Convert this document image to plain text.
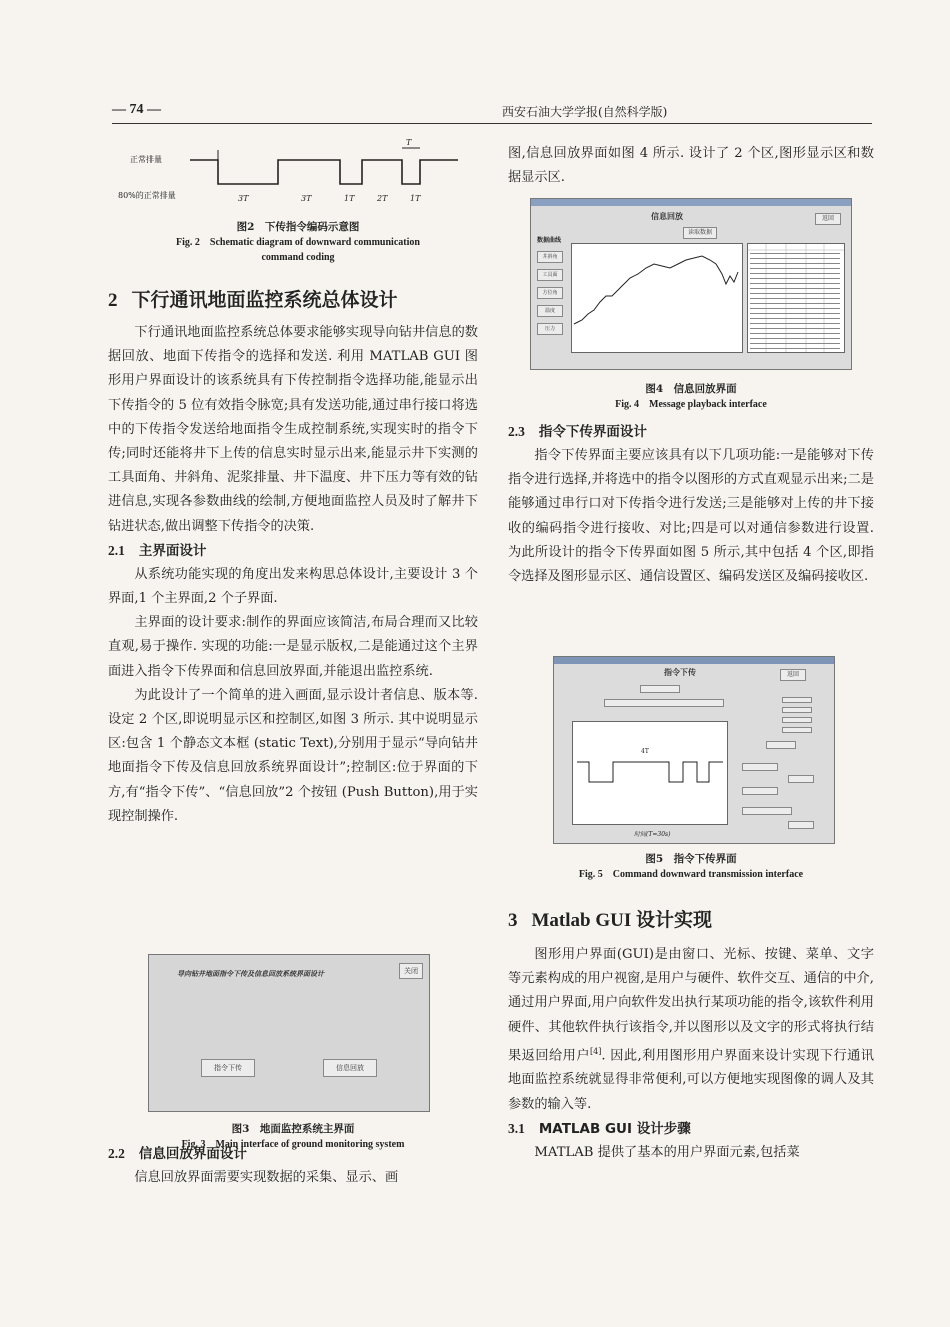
— 74 —	西安石油大学学报(自然科学版)
正常排量
80%的正常排量
T
3T	3T	1T	2T	1T
图2　下传指令编码示意图
Fig. 2　Schematic diagram of downward communication
command coding
2 下行通讯地面监控系统总体设计

下行通讯地面监控系统总体要求能够实现导向钻井信息的数据回放、地面下传指令的选择和发送. 利用 MATLAB GUI 图形用户界面设计的该系统具有下传控制指令选择功能,能显示出下传指令的 5 位有效指令脉宽;具有发送功能,通过串行接口将选中的下传指令发送给地面指令生成控制系统,实现实时的指令下传;同时还能将井下上传的信息实时显示出来,能显示井下实测的工具面角、井斜角、泥浆排量、井下温度、井下压力等有效的钻进信息,实现各参数曲线的绘制,方便地面监控人员及时了解井下钻进状态,做出调整下传指令的决策.

2.1 主界面设计

从系统功能实现的角度出发来构思总体设计,主要设计 3 个界面,1 个主界面,2 个子界面.

主界面的设计要求:制作的界面应该简洁,布局合理而又比较直观,易于操作. 实现的功能:一是显示版权,二是能通过这个主界面进入指令下传界面和信息回放界面,并能退出监控系统.

为此设计了一个简单的进入画面,显示设计者信息、版本等. 设定 2 个区,即说明显示区和控制区,如图 3 所示. 其中说明显示区:包含 1 个静态文本框 (static Text),分别用于显示“导向钻井地面指令下传及信息回放系统界面设计”;控制区:位于界面的下方,有“指令下传”、“信息回放”2 个按钮 (Push Button),用于实现控制操作.

导向钻井地面指令下传及信息回放系统界面设计	关闭
指令下传	信息回放
图3　地面监控系统主界面
Fig. 3　Main interface of ground monitoring system
2.2 信息回放界面设计

信息回放界面需要实现数据的采集、显示、画

图,信息回放界面如图 4 所示. 设计了 2 个区,图形显示区和数据显示区.
信息回放	返回
读取数据
数据曲线
井斜角
工具面
方位角
温度
压力
图4　信息回放界面
Fig. 4　Message playback interface
2.3 指令下传界面设计

指令下传界面主要应该具有以下几项功能:一是能够对下传指令进行选择,并将选中的指令以图形的方式直观显示出来;二是能够通过串行口对下传指令进行发送;三是能够对上传的井下接收的编码指令进行接收、对比;四是可以对通信参数进行设置. 为此所设计的指令下传界面如图 5 所示,其中包括 4 个区,即指令选择及图形显示区、通信设置区、编码发送区及编码接收区.

指令下传	返回
4T
时间(T=30s)
图5　指令下传界面
Fig. 5　Command downward transmission interface
3 Matlab GUI 设计实现

图形用户界面(GUI)是由窗口、光标、按键、菜单、文字等元素构成的用户视窗,是用户与硬件、软件交互、通信的中介,通过用户界面,用户向软件发出执行某项功能的指令,该软件利用硬件、其他软件执行该指令,并以图形以及文字的形式将执行结果返回给用户[4]. 因此,利用图形用户界面来设计实现下行通讯地面监控系统就显得非常便利,可以方便地实现图像的调人及其参数的输入等.

3.1 MATLAB GUI 设计步骤

MATLAB 提供了基本的用户界面元素,包括菜
